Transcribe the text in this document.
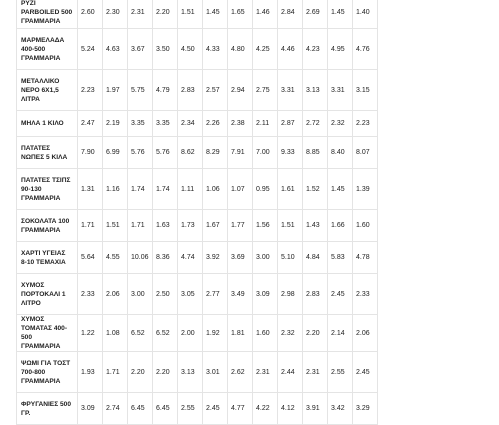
ΡΥΖΙ PARBOILED 500 ΓΡΑΜΜΑΡΙΑ	2.60	2.30	2.31	2.20	1.51	1.45	1.65	1.46	2.84	2.69	1.45	1.40
ΜΑΡΜΕΛΑΔΑ 400-500 ΓΡΑΜΜΑΡΙΑ	5.24	4.63	3.67	3.50	4.50	4.33	4.80	4.25	4.46	4.23	4.95	4.76
ΜΕΤΑΛΛΙΚΟ ΝΕΡΟ 6Χ1,5 ΛΙΤΡΑ	2.23	1.97	5.75	4.79	2.83	2.57	2.94	2.75	3.31	3.13	3.31	3.15
ΜΗΛΑ 1 ΚΙΛΟ	2.47	2.19	3.35	3.35	2.34	2.26	2.38	2.11	2.87	2.72	2.32	2.23
ΠΑΤΑΤΕΣ ΝΩΠΕΣ 5 ΚΙΛΑ	7.90	6.99	5.76	5.76	8.62	8.29	7.91	7.00	9.33	8.85	8.40	8.07
ΠΑΤΑΤΕΣ ΤΣΙΠΣ 90-130 ΓΡΑΜΜΑΡΙΑ	1.31	1.16	1.74	1.74	1.11	1.06	1.07	0.95	1.61	1.52	1.45	1.39
ΣΟΚΟΛΑΤΑ 100 ΓΡΑΜΜΑΡΙΑ	1.71	1.51	1.71	1.63	1.73	1.67	1.77	1.56	1.51	1.43	1.66	1.60
ΧΑΡΤΙ ΥΓΕΙΑΣ 8-10 ΤΕΜΑΧΙΑ	5.64	4.55	10.06	8.36	4.74	3.92	3.69	3.00	5.10	4.84	5.83	4.78
ΧΥΜΟΣ ΠΟΡΤΟΚΑΛΙ 1 ΛΙΤΡΟ	2.33	2.06	3.00	2.50	3.05	2.77	3.49	3.09	2.98	2.83	2.45	2.33
ΧΥΜΟΣ ΤΟΜΑΤΑΣ 400-500 ΓΡΑΜΜΑΡΙΑ	1.22	1.08	6.52	6.52	2.00	1.92	1.81	1.60	2.32	2.20	2.14	2.06
ΨΩΜΙ ΓΙΑ ΤΟΣΤ 700-800 ΓΡΑΜΜΑΡΙΑ	1.93	1.71	2.20	2.20	3.13	3.01	2.62	2.31	2.44	2.31	2.55	2.45
ΦΡΥΓΑΝΙΕΣ 500 ΓΡ.	3.09	2.74	6.45	6.45	2.55	2.45	4.77	4.22	4.12	3.91	3.42	3.29
